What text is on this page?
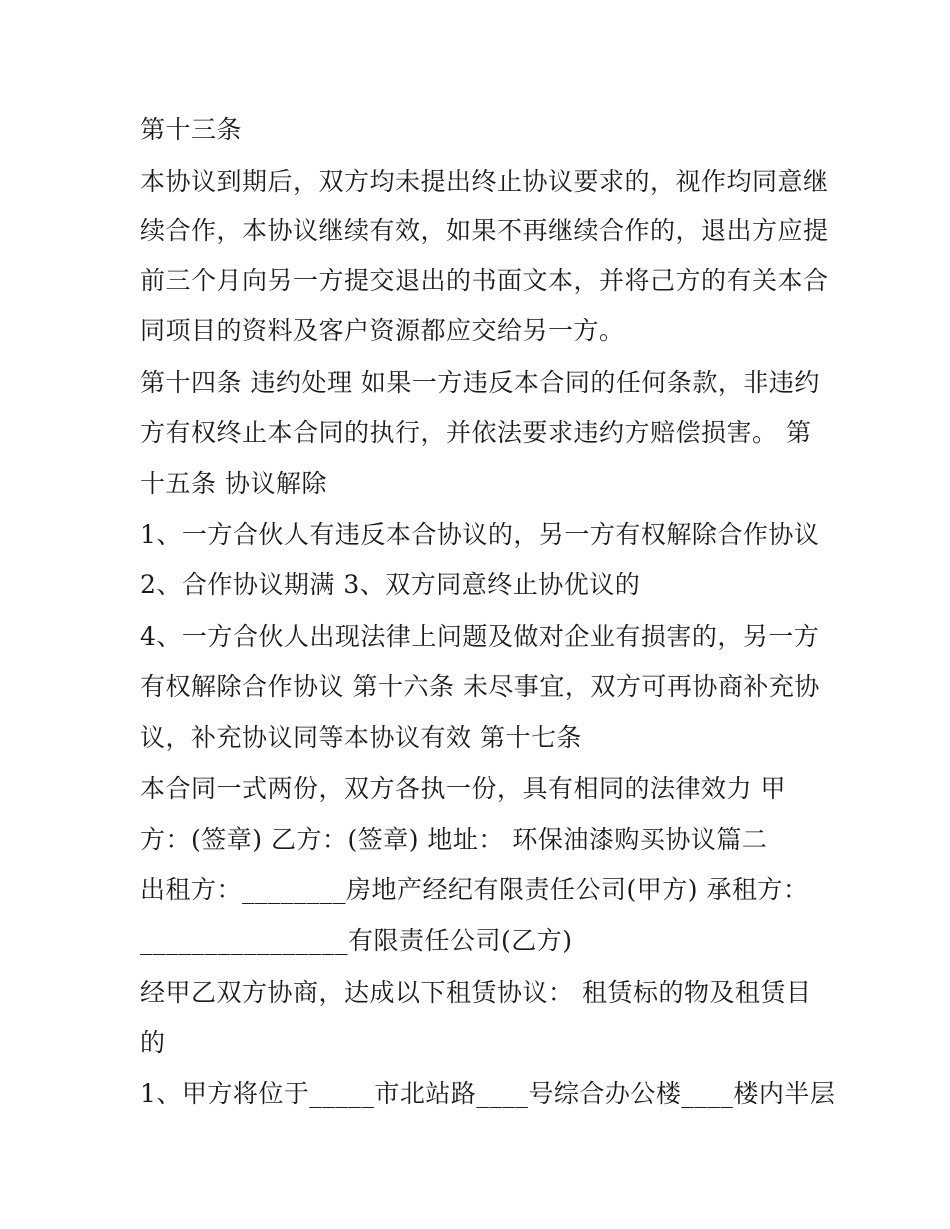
第十三条
本协议到期后，双方均未提出终止协议要求的，视作均同意继
续合作，本协议继续有效，如果不再继续合作的，退出方应提
前三个月向另一方提交退出的书面文本，并将己方的有关本合
同项目的资料及客户资源都应交给另一方。
第十四条 违约处理 如果一方违反本合同的任何条款，非违约
方有权终止本合同的执行，并依法要求违约方赔偿损害。 第
十五条 协议解除
1、一方合伙人有违反本合协议的，另一方有权解除合作协议
2、合作协议期满 3、双方同意终止协优议的
4、一方合伙人出现法律上问题及做对企业有损害的，另一方
有权解除合作协议 第十六条 未尽事宜，双方可再协商补充协
议，补充协议同等本协议有效 第十七条
本合同一式两份，双方各执一份，具有相同的法律效力 甲
方：(签章) 乙方：(签章) 地址： 环保油漆购买协议篇二
出租方：________房地产经纪有限责任公司(甲方) 承租方：
________________有限责任公司(乙方)
经甲乙双方协商，达成以下租赁协议： 租赁标的物及租赁目
的
1、甲方将位于_____市北站路____号综合办公楼____楼内半层
